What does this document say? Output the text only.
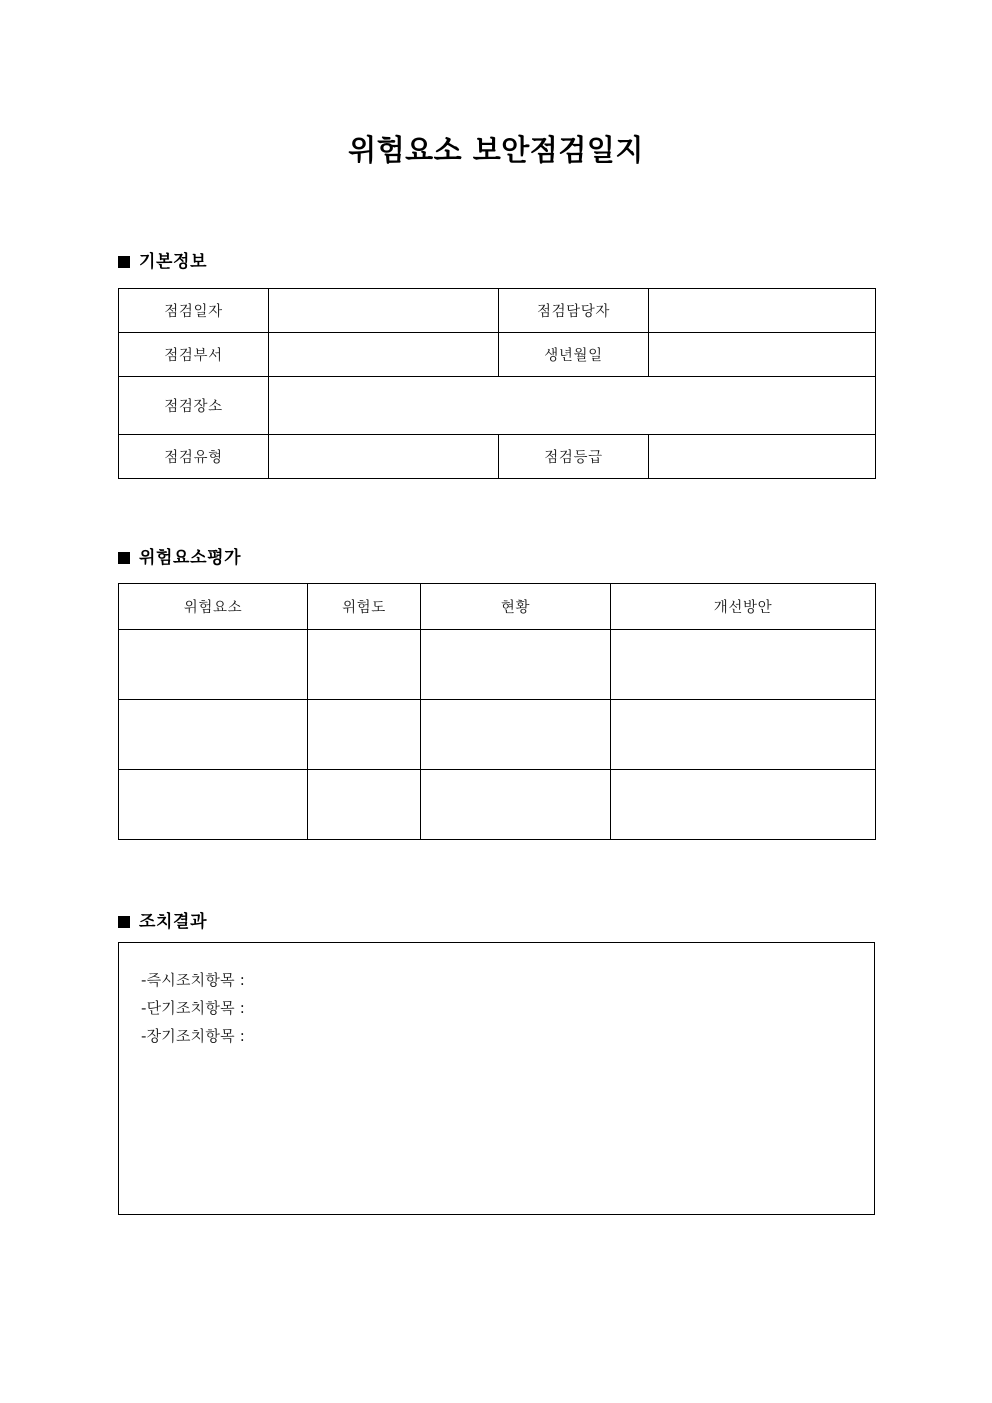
위험요소 보안점검일지
기본정보
점검일자		점검담당자	
점검부서		생년월일	
점검장소			
점검유형		점검등급	
위험요소평가
위험요소	위험도	현황	개선방안

조치결과
-즉시조치항목 :
-단기조치항목 :
-장기조치항목 :
